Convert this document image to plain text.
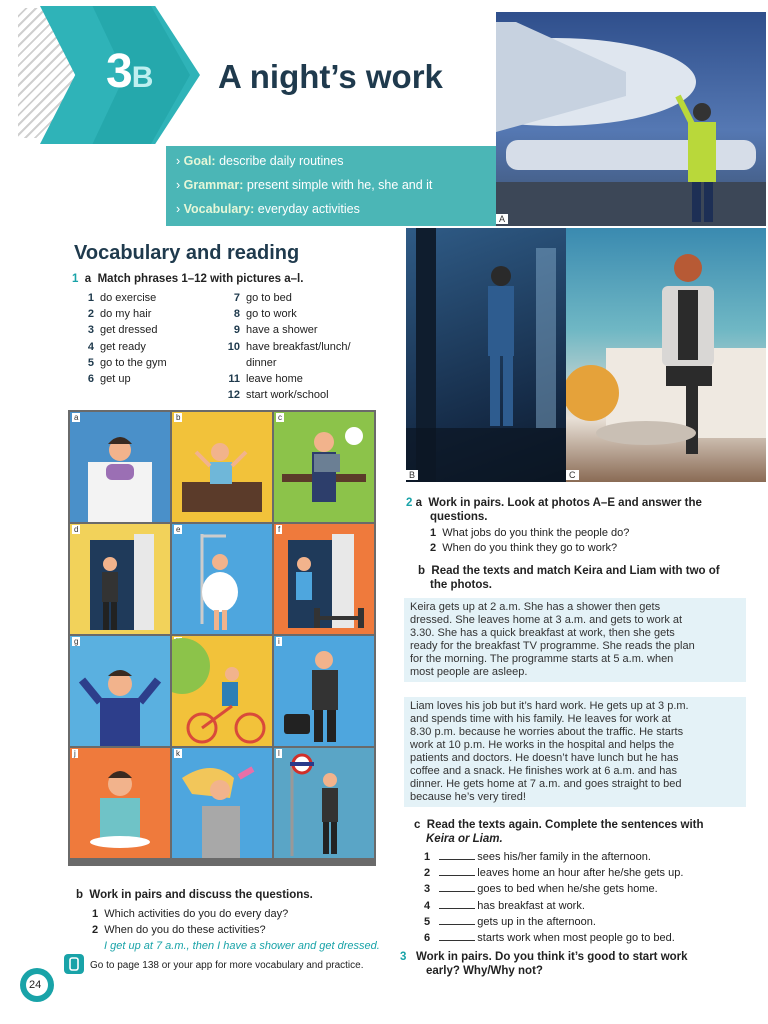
3B A night’s work
› Goal: describe daily routines
› Grammar: present simple with he, she and it
› Vocabulary: everyday activities
A
B	C
Vocabulary and reading
1 a Match phrases 1–12 with pictures a–l.
1 do exercise
2 do my hair
3 get dressed
4 get ready
5 go to the gym
6 get up
7 go to bed
8 go to work
9 have a shower
10 have breakfast/lunch/
dinner
11 leave home
12 start work/school
a	b	c
d	e	f
g	i
j	k	l
b Work in pairs and discuss the questions.
1 Which activities do you do every day?
2 When do you do these activities?
I get up at 7 a.m., then I have a shower and get dressed.
Go to page 138 or your app for more vocabulary and practice.
24
2 a Work in pairs. Look at photos A–E and answer the
questions.
1 What jobs do you think the people do?
2 When do you think they go to work?
b Read the texts and match Keira and Liam with two of
the photos.
Keira gets up at 2 a.m. She has a shower then gets
dressed. She leaves home at 3 a.m. and gets to work at
3.30. She has a quick breakfast at work, then she gets
ready for the breakfast TV programme. She reads the plan
for the morning. The programme starts at 5 a.m. when
most people are asleep.
Liam loves his job but it’s hard work. He gets up at 3 p.m.
and spends time with his family. He leaves for work at
8.30 p.m. because he worries about the traffic. He starts
work at 10 p.m. He works in the hospital and helps the
patients and doctors. He doesn’t have lunch but he has
coffee and a snack. He finishes work at 6 a.m. and has
dinner. He gets home at 7 a.m. and goes straight to bed
because he’s very tired!
c Read the texts again. Complete the sentences with
Keira or Liam.
1	sees his/her family in the afternoon.
2	leaves home an hour after he/she gets up.
3	goes to bed when he/she gets home.
4	has breakfast at work.
5	gets up in the afternoon.
6	starts work when most people go to bed.
3 Work in pairs. Do you think it’s good to start work
early? Why/Why not?
